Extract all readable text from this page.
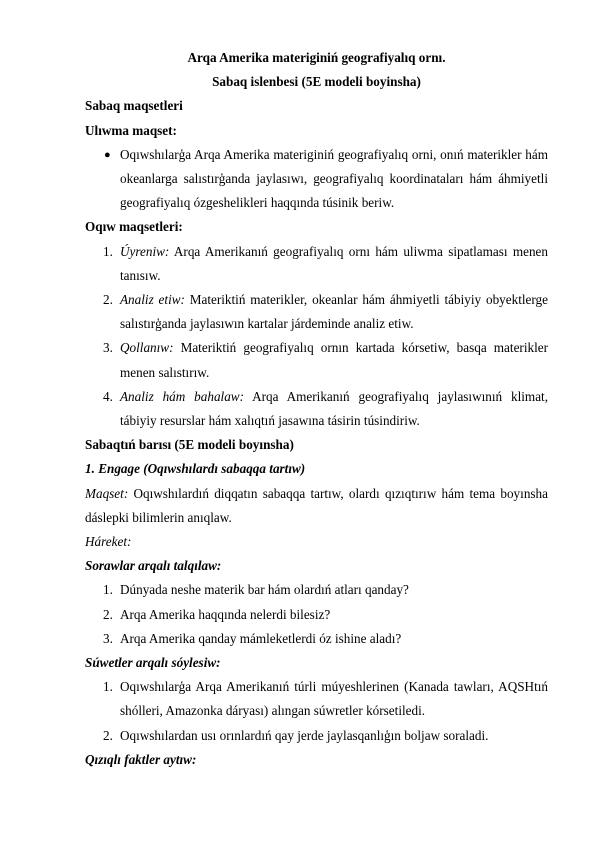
Arqa Amerika materiginiń geografiyalıq ornı.

Sabaq islenbesi (5E modeli boyinsha)

Sabaq maqsetleri

Ulıwma maqset:

● Oqıwshılarģa Arqa Amerika materiginiń geografiyalıq orni, onıń materikler hám okeanlarga salıstırģanda jaylasıwı, geografiyalıq koordinataları hám áhmiyetli geografiyalıq ózgeshelikleri haqqında túsinik beriw.

Oqıw maqsetleri:

1. Úyreniw: Arqa Amerikanıń geografiyalıq ornı hám uliwma sipatlaması menen tanısıw.
2. Analiz etiw: Materiktiń materikler, okeanlar hám áhmiyetli tábiyiy obyektlerge salıstırģanda jaylasıwın kartalar járdeminde analiz etiw.
3. Qollanıw: Materiktiń geografiyalıq ornın kartada kórsetiw, basqa materikler menen salıstırıw.
4. Analiz hám bahalaw: Arqa Amerikanıń geografiyalıq jaylasıwınıń klimat, tábiyiy resurslar hám xalıqtıń jasawına tásirin túsindiriw.

Sabaqtıń barısı (5E modeli boyınsha)

1. Engage (Oqıwshılardı sabaqqa tartıw)

Maqset: Oqıwshılardıń diqqatın sabaqqa tartıw, olardı qızıqtırıw hám tema boyınsha dáslepki bilimlerin anıqlaw.

Háreket:

Sorawlar arqalı talqılaw:

1. Dúnyada neshe materik bar hám olardıń atları qanday?
2. Arqa Amerika haqqında nelerdi bilesiz?
3. Arqa Amerika qanday mámleketlerdi óz ishine aladı?

Súwеtler arqalı sóylesiw:

1. Oqıwshılarģa Arqa Amerikanıń túrli múyeshlerinen (Kanada tawları, AQSHtıń shólleri, Amazonka dáryası) alıngan súwretler kórsetiledi.
2. Oqıwshılardan usı orınlardıń qay jerde jaylasqanlıģın boljaw soraladi.

Qızıqlı faktler aytıw:
